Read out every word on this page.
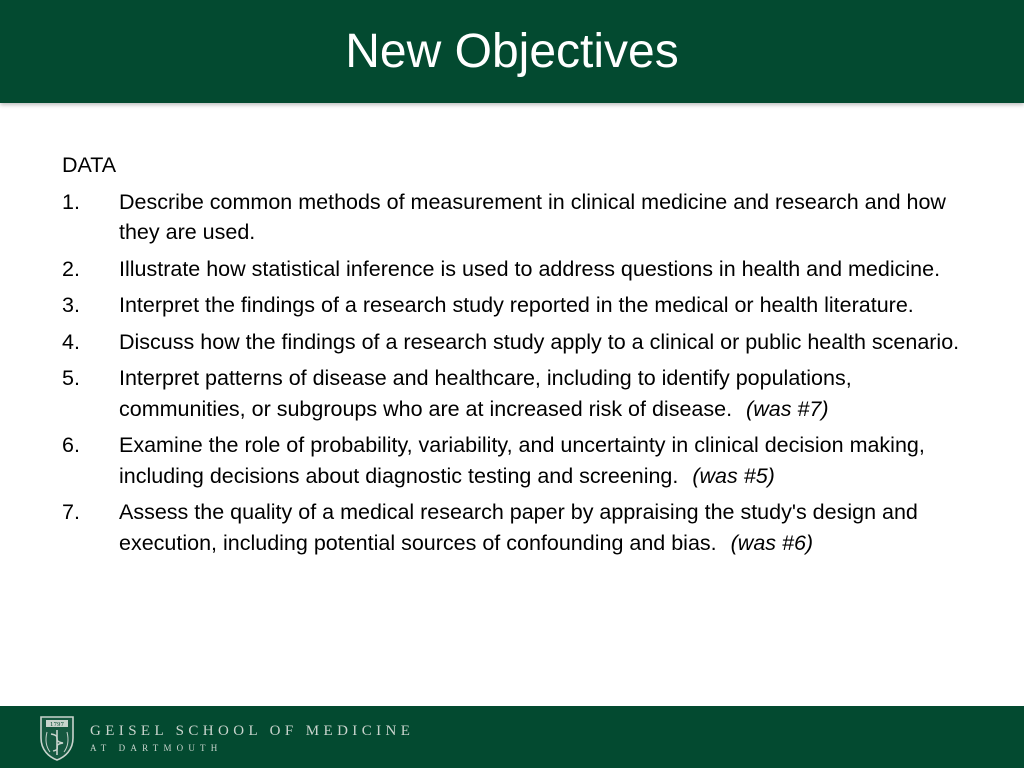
New Objectives
DATA
1.	Describe common methods of measurement in clinical medicine and research and how they are used.
2.	Illustrate how statistical inference is used to address questions in health and medicine.
3.	Interpret the findings of a research study reported in the medical or health literature.
4.	Discuss how the findings of a research study apply to a clinical or public health scenario.
5.	Interpret patterns of disease and healthcare, including to identify populations, communities, or subgroups who are at increased risk of disease. (was #7)
6.	Examine the role of probability, variability, and uncertainty in clinical decision making, including decisions about diagnostic testing and screening. (was #5)
7.	Assess the quality of a medical research paper by appraising the study's design and execution, including potential sources of confounding and bias. (was #6)
1797 GEISEL SCHOOL OF MEDICINE
AT DARTMOUTH
